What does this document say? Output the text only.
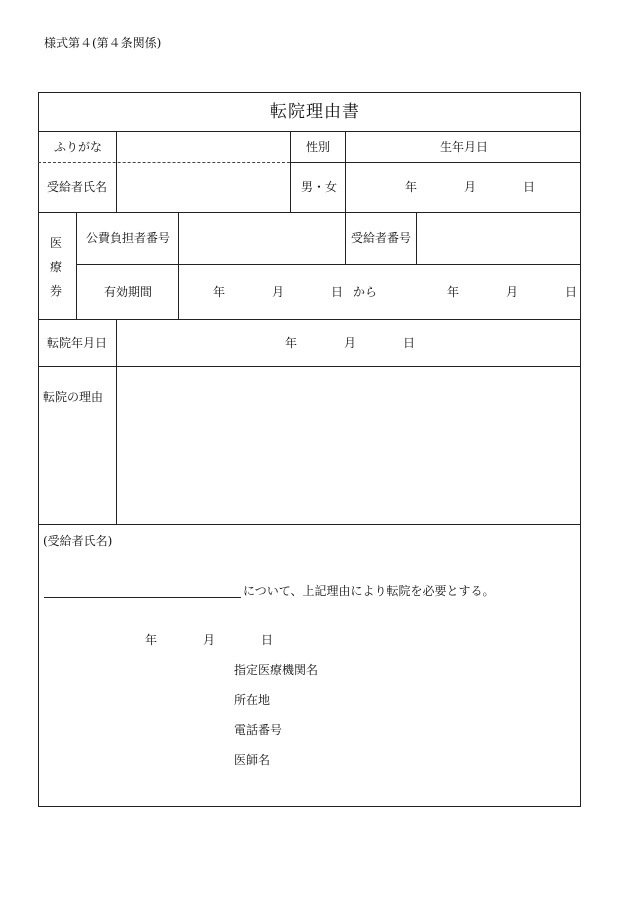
様式第４(第４条関係)
転院理由書
ふりがな	性別	生年月日
受給者氏名	男・女	年	月	日
医
療
券
公費負担者番号	受給者番号
有効期間	年	月	日 から	年	月	日
転院年月日	年	月	日
転院の理由
(受給者氏名)
について、上記理由により転院を必要とする。
年	月	日
指定医療機関名
所在地
電話番号
医師名
